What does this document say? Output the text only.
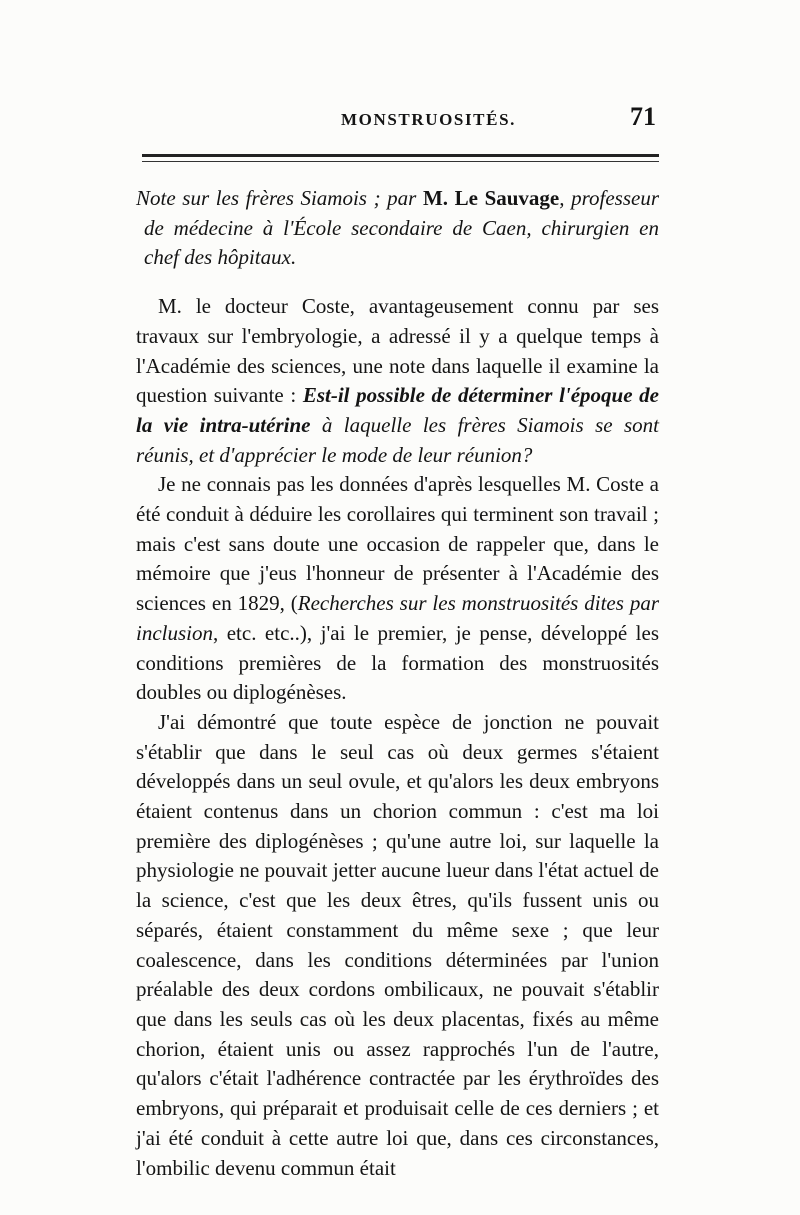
MONSTRUOSITÉS.	71

Note sur les frères Siamois ; par M. Le Sauvage, professeur de médecine à l'École secondaire de Caen, chirurgien en chef des hôpitaux.

M. le docteur Coste, avantageusement connu par ses travaux sur l'embryologie, a adressé il y a quelque temps à l'Académie des sciences, une note dans laquelle il examine la question suivante : Est-il possible de déterminer l'époque de la vie intra-utérine à laquelle les frères Siamois se sont réunis, et d'apprécier le mode de leur réunion?

Je ne connais pas les données d'après lesquelles M. Coste a été conduit à déduire les corollaires qui terminent son travail ; mais c'est sans doute une occasion de rappeler que, dans le mémoire que j'eus l'honneur de présenter à l'Académie des sciences en 1829, (Recherches sur les monstruosités dites par inclusion, etc. etc..), j'ai le premier, je pense, développé les conditions premières de la formation des monstruosités doubles ou diplogénèses.

J'ai démontré que toute espèce de jonction ne pouvait s'établir que dans le seul cas où deux germes s'étaient développés dans un seul ovule, et qu'alors les deux embryons étaient contenus dans un chorion commun : c'est ma loi première des diplogénèses ; qu'une autre loi, sur laquelle la physiologie ne pouvait jetter aucune lueur dans l'état actuel de la science, c'est que les deux êtres, qu'ils fussent unis ou séparés, étaient constamment du même sexe ; que leur coalescence, dans les conditions déterminées par l'union préalable des deux cordons ombilicaux, ne pouvait s'établir que dans les seuls cas où les deux placentas, fixés au même chorion, étaient unis ou assez rapprochés l'un de l'autre, qu'alors c'était l'adhérence contractée par les érythroïdes des embryons, qui préparait et produisait celle de ces derniers ; et j'ai été conduit à cette autre loi que, dans ces circonstances, l'ombilic devenu commun était
